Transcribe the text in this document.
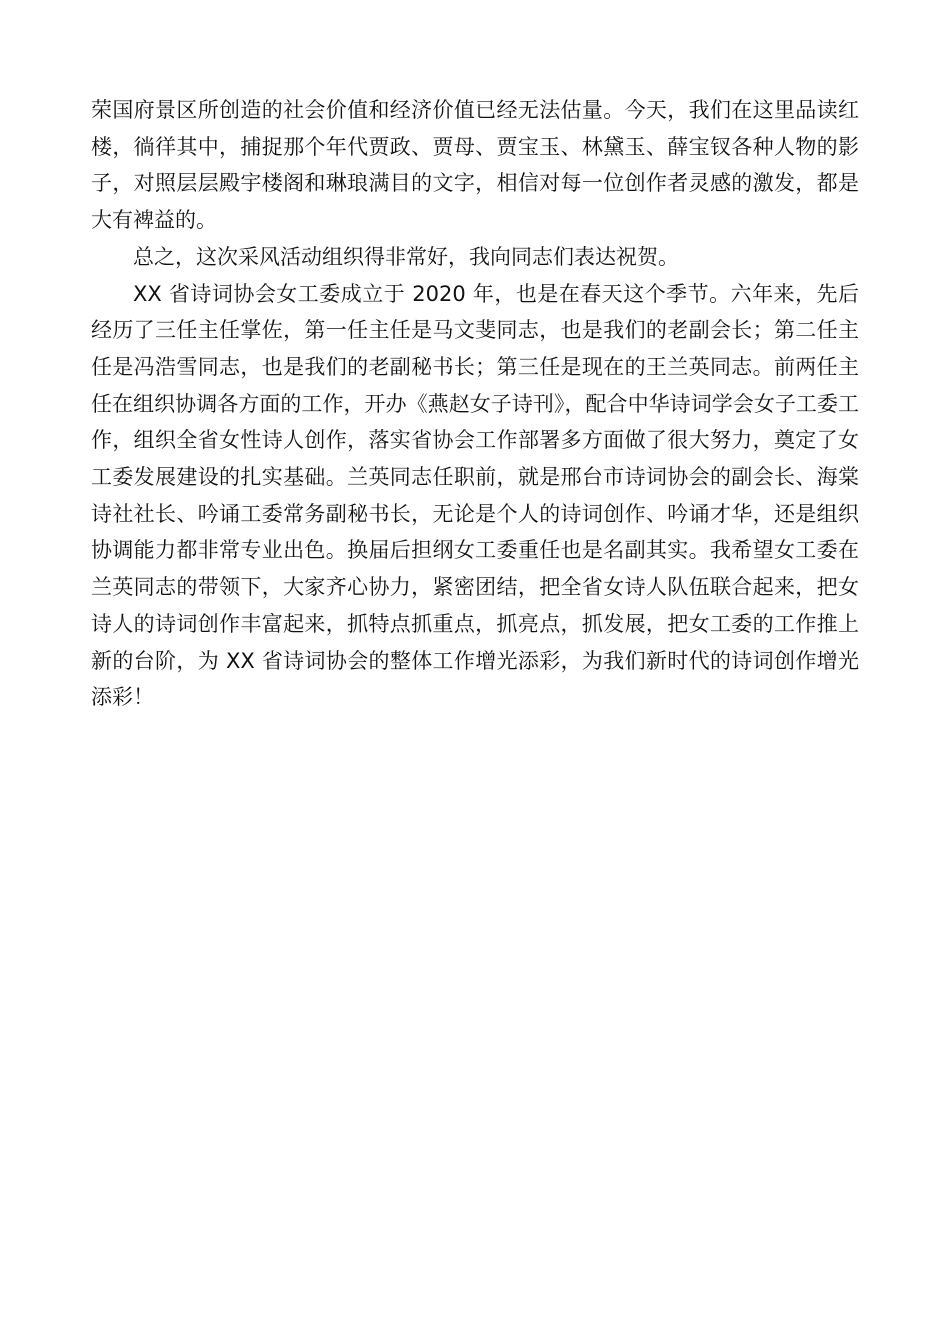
荣国府景区所创造的社会价值和经济价值已经无法估量。今天，我们在这里品读红楼，徜徉其中，捕捉那个年代贾政、贾母、贾宝玉、林黛玉、薛宝钗各种人物的影子，对照层层殿宇楼阁和琳琅满目的文字，相信对每一位创作者灵感的激发，都是大有裨益的。

总之，这次采风活动组织得非常好，我向同志们表达祝贺。

XX 省诗词协会女工委成立于 2020 年，也是在春天这个季节。六年来，先后经历了三任主任掌佐，第一任主任是马文斐同志，也是我们的老副会长；第二任主任是冯浩雪同志，也是我们的老副秘书长；第三任是现在的王兰英同志。前两任主任在组织协调各方面的工作，开办《燕赵女子诗刊》，配合中华诗词学会女子工委工作，组织全省女性诗人创作，落实省协会工作部署多方面做了很大努力，奠定了女工委发展建设的扎实基础。兰英同志任职前，就是邢台市诗词协会的副会长、海棠诗社社长、吟诵工委常务副秘书长，无论是个人的诗词创作、吟诵才华，还是组织协调能力都非常专业出色。换届后担纲女工委重任也是名副其实。我希望女工委在兰英同志的带领下，大家齐心协力，紧密团结，把全省女诗人队伍联合起来，把女诗人的诗词创作丰富起来，抓特点抓重点，抓亮点，抓发展，把女工委的工作推上新的台阶，为 XX 省诗词协会的整体工作增光添彩，为我们新时代的诗词创作增光添彩！
